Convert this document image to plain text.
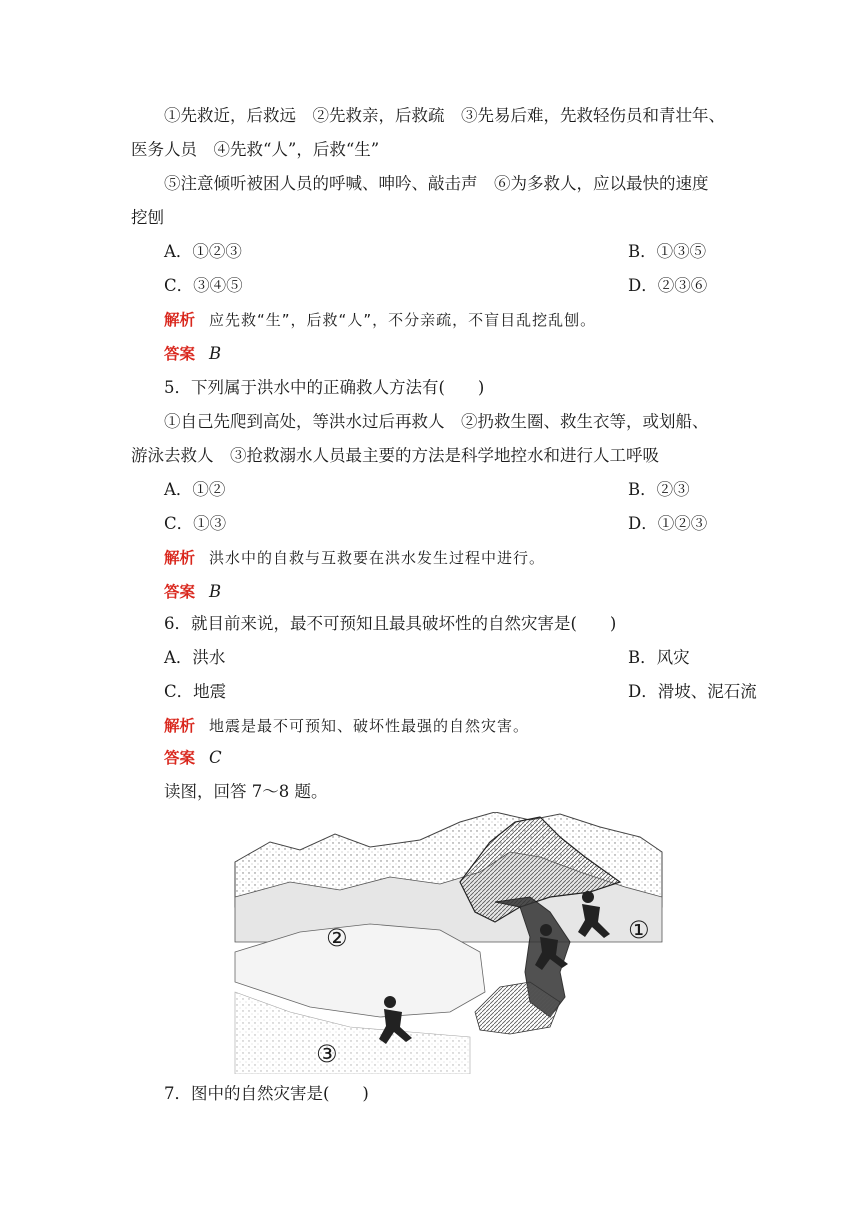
①先救近，后救远　②先救亲，后救疏　③先易后难，先救轻伤员和青壮年、
医务人员　④先救“人”，后救“生”
⑤注意倾听被困人员的呼喊、呻吟、敲击声　⑥为多救人，应以最快的速度
挖刨
A．①②③	B．①③⑤
C．③④⑤	D．②③⑥
解析 应先救“生”，后救“人”，不分亲疏，不盲目乱挖乱刨。
答案 B
5．下列属于洪水中的正确救人方法有(　　)
①自己先爬到高处，等洪水过后再救人　②扔救生圈、救生衣等，或划船、
游泳去救人　③抢救溺水人员最主要的方法是科学地控水和进行人工呼吸
A．①②	B．②③
C．①③	D．①②③
解析 洪水中的自救与互救要在洪水发生过程中进行。
答案 B
6．就目前来说，最不可预知且最具破坏性的自然灾害是(　　)
A．洪水	B．风灾
C．地震	D．滑坡、泥石流
解析 地震是最不可预知、破坏性最强的自然灾害。
答案 C
读图，回答 7～8 题。
①
②
③
7．图中的自然灾害是(　　)
